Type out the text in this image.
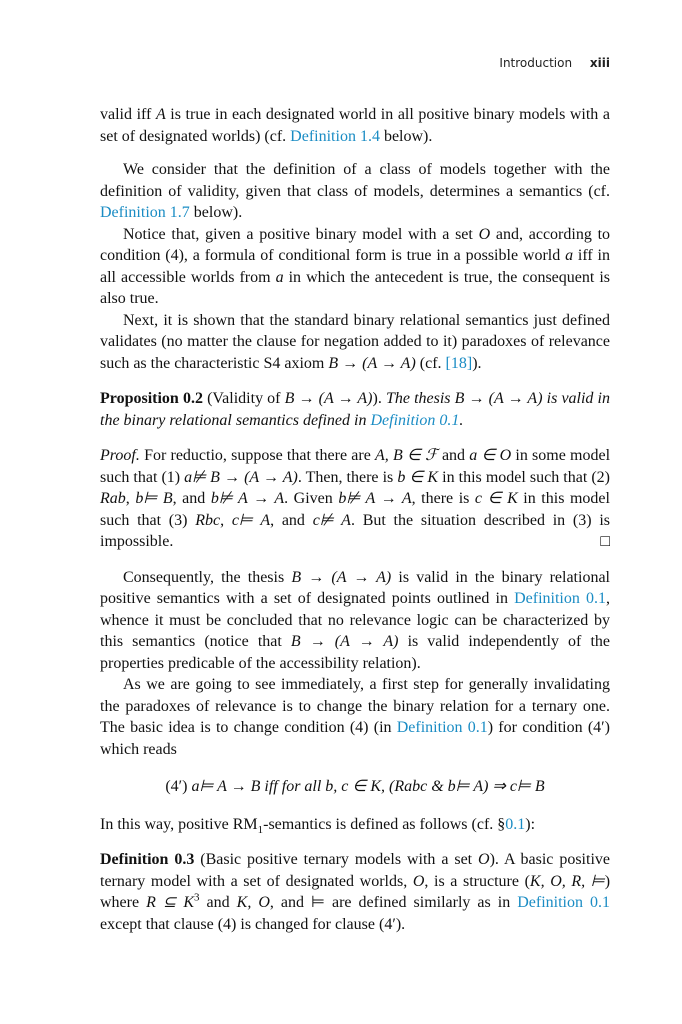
Introduction xiii

valid iff A is true in each designated world in all positive binary models with a set of designated worlds) (cf. Definition 1.4 below).

We consider that the definition of a class of models together with the definition of validity, given that class of models, determines a semantics (cf. Definition 1.7 below).

Notice that, given a positive binary model with a set O and, according to condition (4), a formula of conditional form is true in a possible world a iff in all accessible worlds from a in which the antecedent is true, the consequent is also true.

Next, it is shown that the standard binary relational semantics just defined validates (no matter the clause for negation added to it) paradoxes of relevance such as the characteristic S4 axiom B → (A → A) (cf. [18]).

Proposition 0.2 (Validity of B → (A → A)). The thesis B → (A → A) is valid in the binary relational semantics defined in Definition 0.1.

Proof. For reductio, suppose that there are A, B ∈ ℱ and a ∈ O in some model such that (1) a⊭ B → (A → A). Then, there is b ∈ K in this model such that (2) Rab, b⊨ B, and b⊭ A → A. Given b⊭ A → A, there is c ∈ K in this model such that (3) Rbc, c⊨ A, and c⊭ A. But the situation described in (3) is impossible.	□

Consequently, the thesis B → (A → A) is valid in the binary relational positive semantics with a set of designated points outlined in Definition 0.1, whence it must be concluded that no relevance logic can be characterized by this semantics (notice that B → (A → A) is valid independently of the properties predicable of the accessibility relation).

As we are going to see immediately, a first step for generally invalidating the paradoxes of relevance is to change the binary relation for a ternary one. The basic idea is to change condition (4) (in Definition 0.1) for condition (4′) which reads

(4′) a⊨ A → B iff for all b, c ∈ K, (Rabc & b⊨ A) ⇒ c⊨ B

In this way, positive $RM_1$-semantics is defined as follows (cf. §0.1):

Definition 0.3 (Basic positive ternary models with a set O). A basic positive ternary model with a set of designated worlds, O, is a structure (K, O, R, ⊨) where R ⊆ $K^3$ and K, O, and ⊨ are defined similarly as in Definition 0.1 except that clause (4) is changed for clause (4′).
